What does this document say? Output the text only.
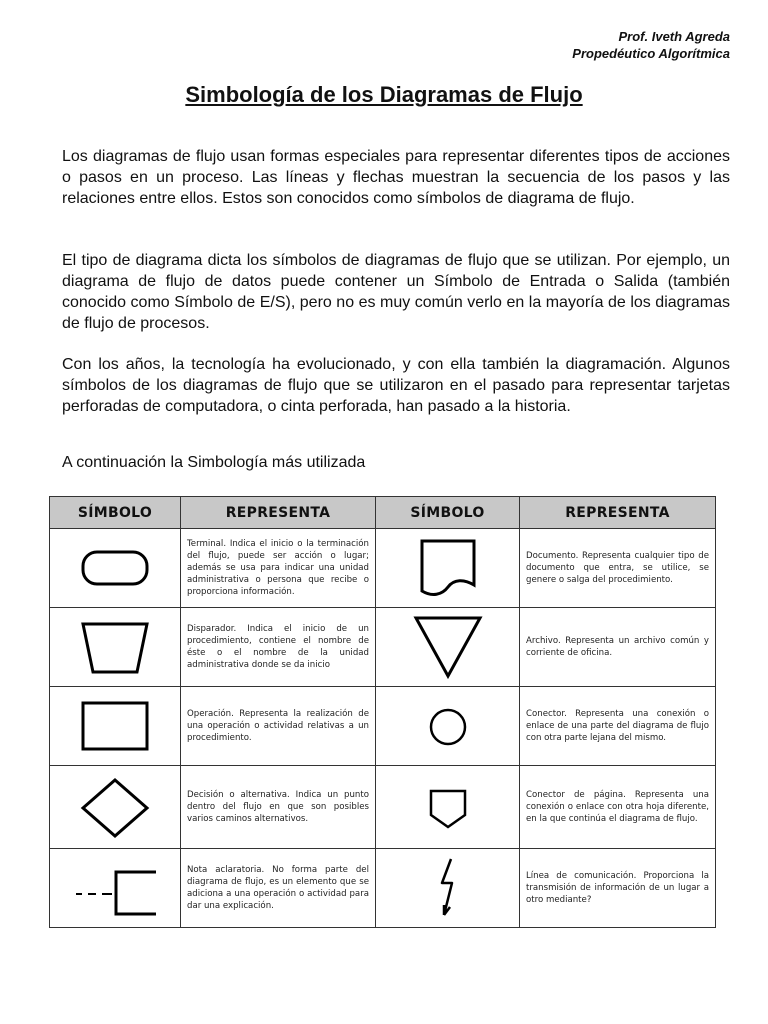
Prof. Iveth Agreda
Propedéutico Algorítmica
Simbología de los Diagramas de Flujo

Los diagramas de flujo usan formas especiales para representar diferentes tipos de acciones o pasos en un proceso. Las líneas y flechas muestran la secuencia de los pasos y las relaciones entre ellos. Estos son conocidos como símbolos de diagrama de flujo.

El tipo de diagrama dicta los símbolos de diagramas de flujo que se utilizan. Por ejemplo, un diagrama de flujo de datos puede contener un Símbolo de Entrada o Salida (también conocido como Símbolo de E/S), pero no es muy común verlo en la mayoría de los diagramas de flujo de procesos.

Con los años, la tecnología ha evolucionado, y con ella también la diagramación. Algunos símbolos de los diagramas de flujo que se utilizaron en el pasado para representar tarjetas perforadas de computadora, o cinta perforada, han pasado a la historia.

A continuación la Simbología más utilizada

SÍMBOLO	REPRESENTA	SÍMBOLO	REPRESENTA

	Terminal. Indica el inicio o la terminación del flujo, puede ser acción o lugar; además se usa para indicar una unidad administrativa o persona que recibe o proporciona información.		Documento. Representa cualquier tipo de documento que entra, se utilice, se genere o salga del procedimiento.

	Disparador. Indica el inicio de un procedimiento, contiene el nombre de éste o el nombre de la unidad administrativa donde se da inicio		Archivo. Representa un archivo común y corriente de oficina.

	Operación. Representa la realización de una operación o actividad relativas a un procedimiento.		Conector. Representa una conexión o enlace de una parte del diagrama de flujo con otra parte lejana del mismo.

	Decisión o alternativa. Indica un punto dentro del flujo en que son posibles varios caminos alternativos.		Conector de página. Representa una conexión o enlace con otra hoja diferente, en la que continúa el diagrama de flujo.

	Nota aclaratoria. No forma parte del diagrama de flujo, es un elemento que se adiciona a una operación o actividad para dar una explicación.		Línea de comunicación. Proporciona la transmisión de información de un lugar a otro mediante?
